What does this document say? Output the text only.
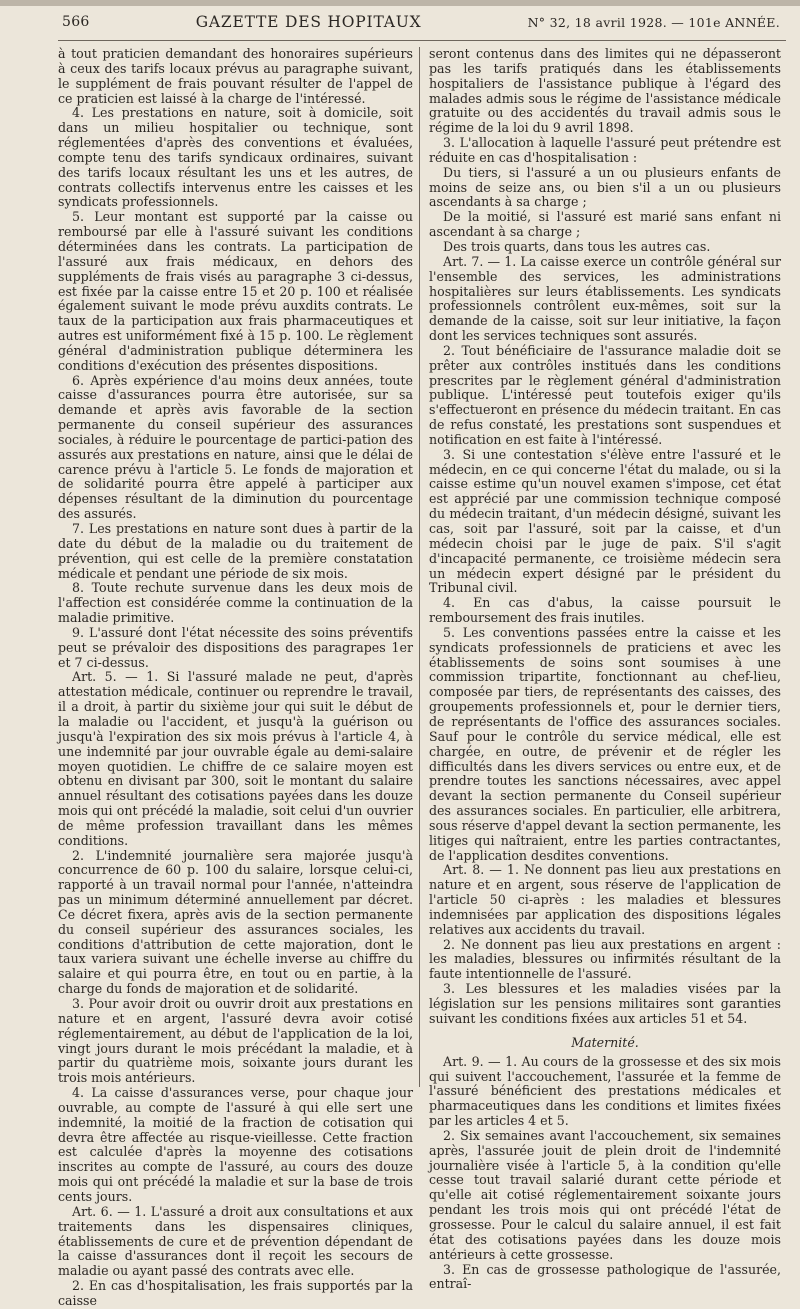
566	GAZETTE DES HOPITAUX	N° 32, 18 avril 1928. — 101e ANNÉE.

à tout praticien demandant des honoraires supérieurs à ceux des tarifs locaux prévus au paragraphe suivant, le supplément de frais pouvant résulter de l'appel de ce praticien est laissé à la charge de l'intéressé.

4. Les prestations en nature, soit à domicile, soit dans un milieu hospitalier ou technique, sont réglementées d'après des conventions et évaluées, compte tenu des tarifs syndicaux ordinaires, suivant des tarifs locaux résultant les uns et les autres, de contrats collectifs intervenus entre les caisses et les syndicats professionnels.

5. Leur montant est supporté par la caisse ou remboursé par elle à l'assuré suivant les conditions déterminées dans les contrats. La participation de l'assuré aux frais médicaux, en dehors des suppléments de frais visés au paragraphe 3 ci-dessus, est fixée par la caisse entre 15 et 20 p. 100 et réalisée également suivant le mode prévu auxdits contrats. Le taux de la participation aux frais pharmaceutiques et autres est uniformément fixé à 15 p. 100. Le règlement général d'administration publique déterminera les conditions d'exécution des présentes dispositions.

6. Après expérience d'au moins deux années, toute caisse d'assurances pourra être autorisée, sur sa demande et après avis favorable de la section permanente du conseil supérieur des assurances sociales, à réduire le pourcentage de partici-pation des assurés aux prestations en nature, ainsi que le délai de carence prévu à l'article 5. Le fonds de majoration et de solidarité pourra être appelé à participer aux dépenses résultant de la diminution du pourcentage des assurés.

7. Les prestations en nature sont dues à partir de la date du début de la maladie ou du traitement de prévention, qui est celle de la première constatation médicale et pendant une période de six mois.

8. Toute rechute survenue dans les deux mois de l'affection est considérée comme la continuation de la maladie primitive.

9. L'assuré dont l'état nécessite des soins préventifs peut se prévaloir des dispositions des paragrapes 1er et 7 ci-dessus.

Art. 5. — 1. Si l'assuré malade ne peut, d'après attestation médicale, continuer ou reprendre le travail, il a droit, à partir du sixième jour qui suit le début de la maladie ou l'accident, et jusqu'à la guérison ou jusqu'à l'expiration des six mois prévus à l'article 4, à une indemnité par jour ouvrable égale au demi-salaire moyen quotidien. Le chiffre de ce salaire moyen est obtenu en divisant par 300, soit le montant du salaire annuel résultant des cotisations payées dans les douze mois qui ont précédé la maladie, soit celui d'un ouvrier de même profession travaillant dans les mêmes conditions.

2. L'indemnité journalière sera majorée jusqu'à concurrence de 60 p. 100 du salaire, lorsque celui-ci, rapporté à un travail normal pour l'année, n'atteindra pas un minimum déterminé annuellement par décret. Ce décret fixera, après avis de la section permanente du conseil supérieur des assurances sociales, les conditions d'attribution de cette majoration, dont le taux variera suivant une échelle inverse au chiffre du salaire et qui pourra être, en tout ou en partie, à la charge du fonds de majoration et de solidarité.

3. Pour avoir droit ou ouvrir droit aux prestations en nature et en argent, l'assuré devra avoir cotisé réglementairement, au début de l'application de la loi, vingt jours durant le mois précédant la maladie, et à partir du quatrième mois, soixante jours durant les trois mois antérieurs.

4. La caisse d'assurances verse, pour chaque jour ouvrable, au compte de l'assuré à qui elle sert une indemnité, la moitié de la fraction de cotisation qui devra être affectée au risque-vieillesse. Cette fraction est calculée d'après la moyenne des cotisations inscrites au compte de l'assuré, au cours des douze mois qui ont précédé la maladie et sur la base de trois cents jours.

Art. 6. — 1. L'assuré a droit aux consultations et aux traitements dans les dispensaires cliniques, établissements de cure et de prévention dépendant de la caisse d'assurances dont il reçoit les secours de maladie ou ayant passé des contrats avec elle.

2. En cas d'hospitalisation, les frais supportés par la caisse

seront contenus dans des limites qui ne dépasseront pas les tarifs pratiqués dans les établissements hospitaliers de l'assistance publique à l'égard des malades admis sous le régime de l'assistance médicale gratuite ou des accidentés du travail admis sous le régime de la loi du 9 avril 1898.

3. L'allocation à laquelle l'assuré peut prétendre est réduite en cas d'hospitalisation :

Du tiers, si l'assuré a un ou plusieurs enfants de moins de seize ans, ou bien s'il a un ou plusieurs ascendants à sa charge ;

De la moitié, si l'assuré est marié sans enfant ni ascendant à sa charge ;

Des trois quarts, dans tous les autres cas.

Art. 7. — 1. La caisse exerce un contrôle général sur l'ensemble des services, les administrations hospitalières sur leurs établissements. Les syndicats professionnels contrôlent eux-mêmes, soit sur la demande de la caisse, soit sur leur initiative, la façon dont les services techniques sont assurés.

2. Tout bénéficiaire de l'assurance maladie doit se prêter aux contrôles institués dans les conditions prescrites par le règlement général d'administration publique. L'intéressé peut toutefois exiger qu'ils s'effectueront en présence du médecin traitant. En cas de refus constaté, les prestations sont suspendues et notification en est faite à l'intéressé.

3. Si une contestation s'élève entre l'assuré et le médecin, en ce qui concerne l'état du malade, ou si la caisse estime qu'un nouvel examen s'impose, cet état est apprécié par une commission technique composé du médecin traitant, d'un médecin désigné, suivant les cas, soit par l'assuré, soit par la caisse, et d'un médecin choisi par le juge de paix. S'il s'agit d'incapacité permanente, ce troisième médecin sera un médecin expert désigné par le président du Tribunal civil.

4. En cas d'abus, la caisse poursuit le remboursement des frais inutiles.

5. Les conventions passées entre la caisse et les syndicats professionnels de praticiens et avec les établissements de soins sont soumises à une commission tripartite, fonctionnant au chef-lieu, composée par tiers, de représentants des caisses, des groupements professionnels et, pour le dernier tiers, de représentants de l'office des assurances sociales. Sauf pour le contrôle du service médical, elle est chargée, en outre, de prévenir et de régler les difficultés dans les divers services ou entre eux, et de prendre toutes les sanctions nécessaires, avec appel devant la section permanente du Conseil supérieur des assurances sociales. En particulier, elle arbitrera, sous réserve d'appel devant la section permanente, les litiges qui naîtraient, entre les parties contractantes, de l'application desdites conventions.

Art. 8. — 1. Ne donnent pas lieu aux prestations en nature et en argent, sous réserve de l'application de l'article 50 ci-après : les maladies et blessures indemnisées par application des dispositions légales relatives aux accidents du travail.

2. Ne donnent pas lieu aux prestations en argent : les maladies, blessures ou infirmités résultant de la faute intentionnelle de l'assuré.

3. Les blessures et les maladies visées par la législation sur les pensions militaires sont garanties suivant les conditions fixées aux articles 51 et 54.

Maternité.

Art. 9. — 1. Au cours de la grossesse et des six mois qui suivent l'accouchement, l'assurée et la femme de l'assuré bénéficient des prestations médicales et pharmaceutiques dans les conditions et limites fixées par les articles 4 et 5.

2. Six semaines avant l'accouchement, six semaines après, l'assurée jouit de plein droit de l'indemnité journalière visée à l'article 5, à la condition qu'elle cesse tout travail salarié durant cette période et qu'elle ait cotisé réglementairement soixante jours pendant les trois mois qui ont précédé l'état de grossesse. Pour le calcul du salaire annuel, il est fait état des cotisations payées dans les douze mois antérieurs à cette grossesse.

3. En cas de grossesse pathologique de l'assurée, entraî-
